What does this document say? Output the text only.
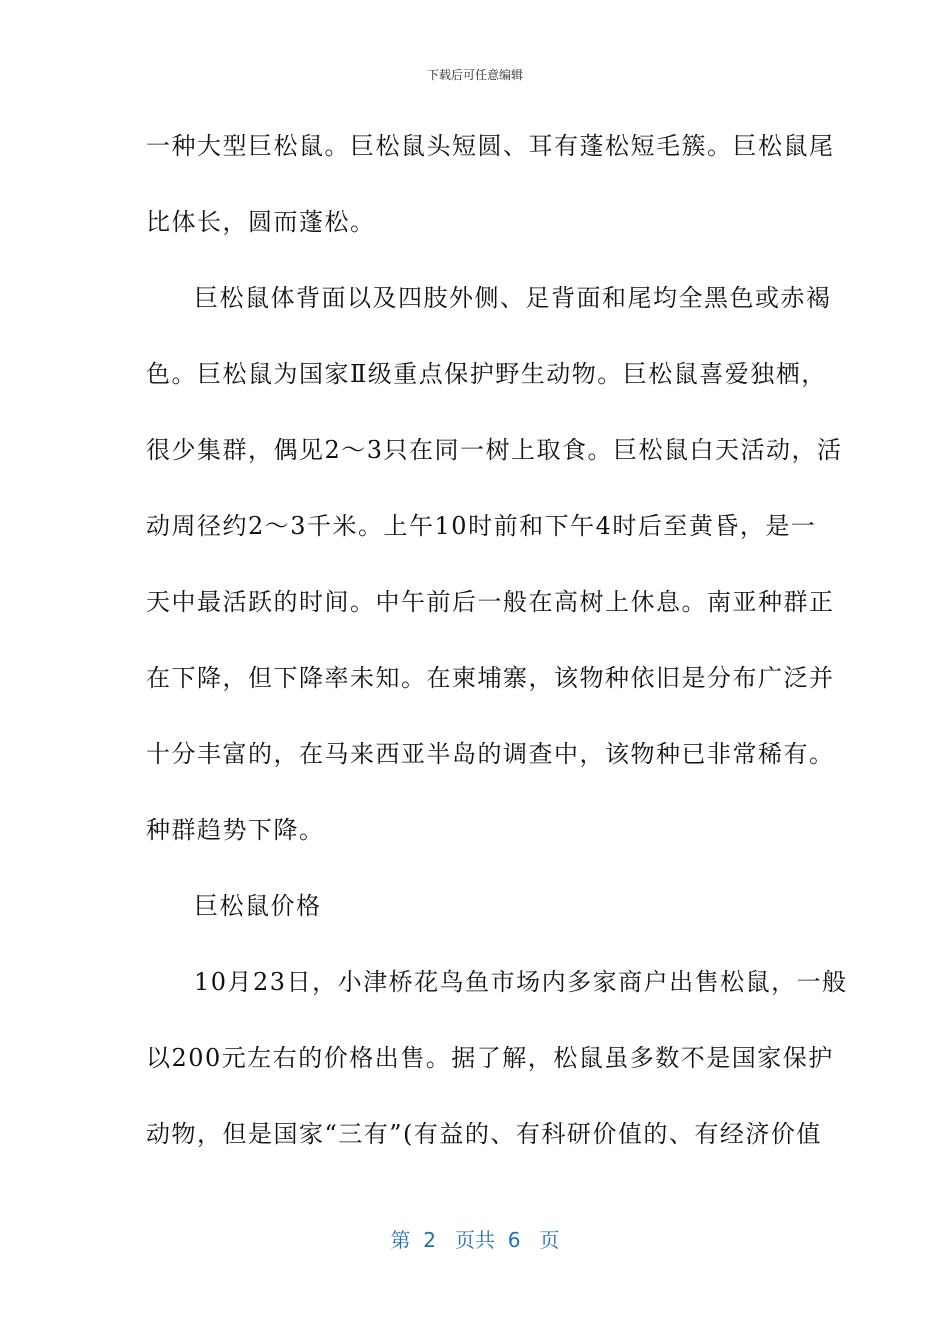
下载后可任意编辑
一种大型巨松鼠。巨松鼠头短圆、耳有蓬松短毛簇。巨松鼠尾
比体长，圆而蓬松。
巨松鼠体背面以及四肢外侧、足背面和尾均全黑色或赤褐
色。巨松鼠为国家Ⅱ级重点保护野生动物。巨松鼠喜爱独栖，
很少集群，偶见2～3只在同一树上取食。巨松鼠白天活动，活
动周径约2～3千米。上午10时前和下午4时后至黄昏，是一
天中最活跃的时间。中午前后一般在高树上休息。南亚种群正
在下降，但下降率未知。在柬埔寨，该物种依旧是分布广泛并
十分丰富的，在马来西亚半岛的调查中，该物种已非常稀有。
种群趋势下降。
巨松鼠价格
10月23日，小津桥花鸟鱼市场内多家商户出售松鼠，一般
以200元左右的价格出售。据了解，松鼠虽多数不是国家保护
动物，但是国家“三有”(有益的、有科研价值的、有经济价值
第  2   页共  6   页
